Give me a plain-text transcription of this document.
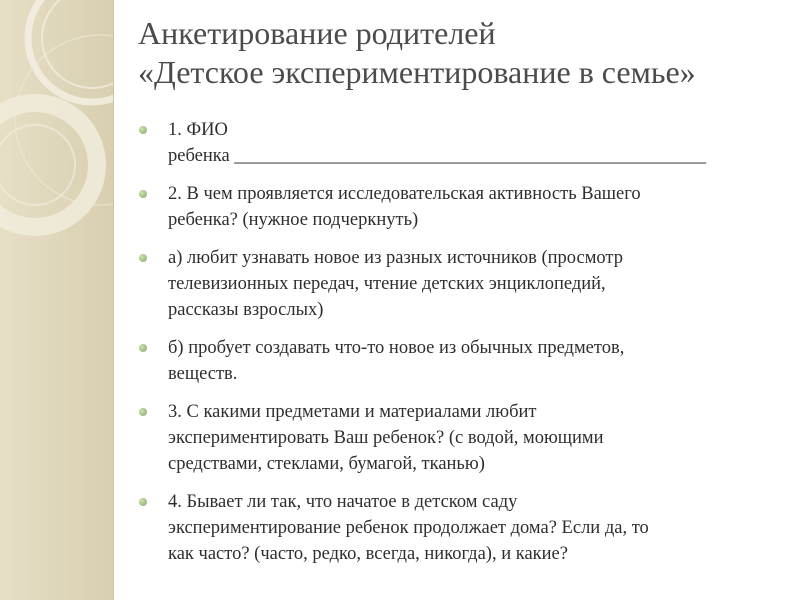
Анкетирование родителей
«Детское экспериментирование в семье»
1. ФИО
ребенка ___________________________________________________
2. В чем проявляется исследовательская активность Вашего
ребенка? (нужное подчеркнуть)
а) любит узнавать новое из разных источников (просмотр
телевизионных передач, чтение детских энциклопедий,
рассказы взрослых)
б) пробует создавать что-то новое из обычных предметов,
веществ.
3. С какими предметами и материалами любит
экспериментировать Ваш ребенок? (с водой, моющими
средствами, стеклами, бумагой, тканью)
4. Бывает ли так, что начатое в детском саду
экспериментирование ребенок продолжает дома? Если да, то
как часто? (часто, редко, всегда, никогда), и какие?
